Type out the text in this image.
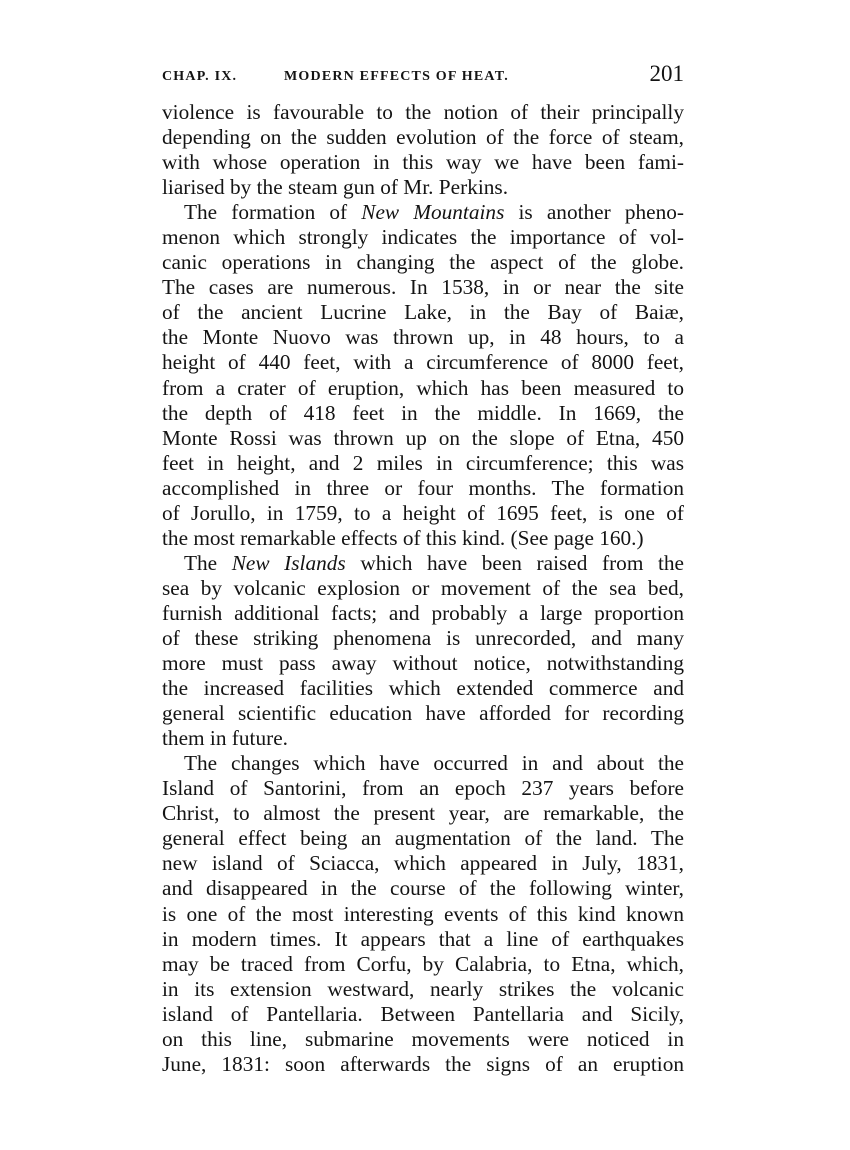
CHAP. IX.	MODERN EFFECTS OF HEAT.	201
violence is favourable to the notion of their principally
depending on the sudden evolution of the force of steam,
with whose operation in this way we have been fami-
liarised by the steam gun of Mr. Perkins.
The formation of New Mountains is another pheno-
menon which strongly indicates the importance of vol-
canic operations in changing the aspect of the globe.
The cases are numerous. In 1538, in or near the site
of the ancient Lucrine Lake, in the Bay of Baiæ,
the Monte Nuovo was thrown up, in 48 hours, to a
height of 440 feet, with a circumference of 8000 feet,
from a crater of eruption, which has been measured to
the depth of 418 feet in the middle. In 1669, the
Monte Rossi was thrown up on the slope of Etna, 450
feet in height, and 2 miles in circumference; this was
accomplished in three or four months. The formation
of Jorullo, in 1759, to a height of 1695 feet, is one of
the most remarkable effects of this kind. (See page 160.)
The New Islands which have been raised from the
sea by volcanic explosion or movement of the sea bed,
furnish additional facts; and probably a large proportion
of these striking phenomena is unrecorded, and many
more must pass away without notice, notwithstanding
the increased facilities which extended commerce and
general scientific education have afforded for recording
them in future.
The changes which have occurred in and about the
Island of Santorini, from an epoch 237 years before
Christ, to almost the present year, are remarkable, the
general effect being an augmentation of the land. The
new island of Sciacca, which appeared in July, 1831,
and disappeared in the course of the following winter,
is one of the most interesting events of this kind known
in modern times. It appears that a line of earthquakes
may be traced from Corfu, by Calabria, to Etna, which,
in its extension westward, nearly strikes the volcanic
island of Pantellaria. Between Pantellaria and Sicily,
on this line, submarine movements were noticed in
June, 1831: soon afterwards the signs of an eruption
